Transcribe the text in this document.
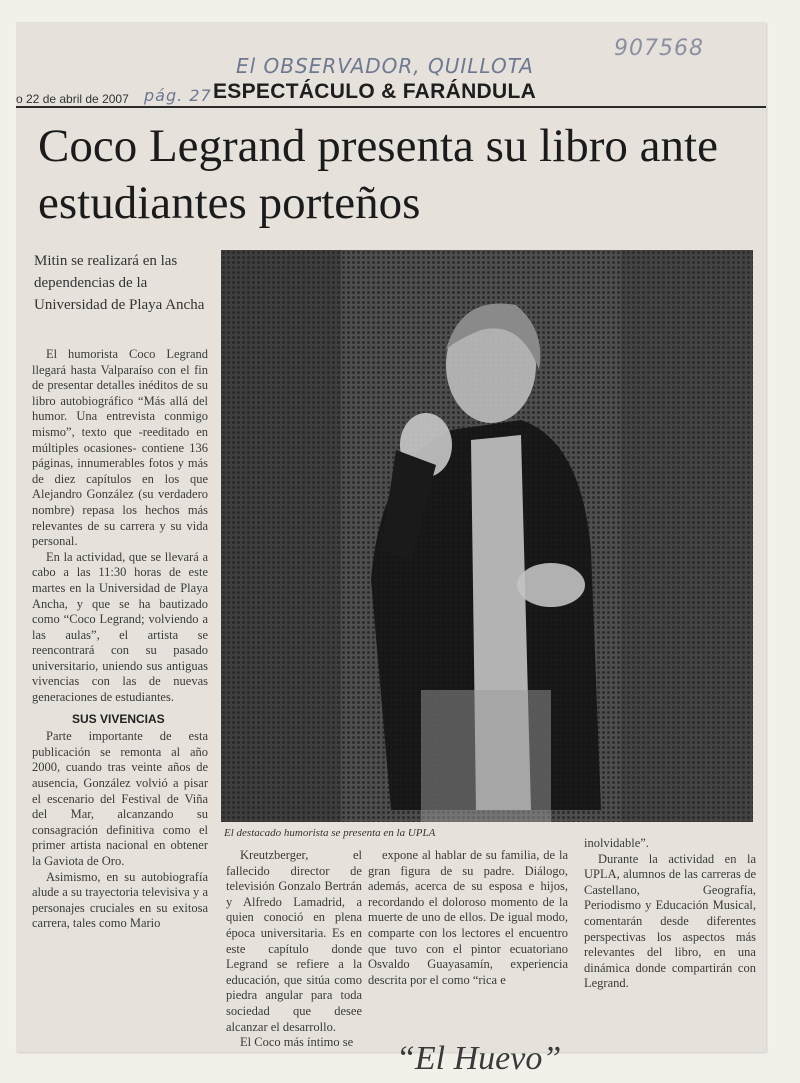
907568
El OBSERVADOR, QUILLOTA
o 22 de abril de 2007 pág. 27 ESPECTÁCULO & FARÁNDULA
Coco Legrand presenta su libro ante estudiantes porteños
Mitin se realizará en las dependencias de la Universidad de Playa Ancha
El destacado humorista se presenta en la UPLA

El humorista Coco Legrand llegará hasta Valparaíso con el fin de presentar detalles inéditos de su libro autobiográfico “Más allá del humor. Una entrevista conmigo mismo”, texto que -reeditado en múltiples ocasiones- contiene 136 páginas, innumerables fotos y más de diez capítulos en los que Alejandro González (su verdadero nombre) repasa los hechos más relevantes de su carrera y su vida personal.

En la actividad, que se llevará a cabo a las 11:30 horas de este martes en la Universidad de Playa Ancha, y que se ha bautizado como “Coco Legrand; volviendo a las aulas”, el artista se reencontrará con su pasado universitario, uniendo sus antiguas vivencias con las de nuevas generaciones de estudiantes.

SUS VIVENCIAS

Parte importante de esta publicación se remonta al año 2000, cuando tras veinte años de ausencia, González volvió a pisar el escenario del Festival de Viña del Mar, alcanzando su consagración definitiva como el primer artista nacional en obtener la Gaviota de Oro.

Asimismo, en su autobiografía alude a su trayectoria televisiva y a personajes cruciales en su exitosa carrera, tales como Mario

Kreutzberger, el fallecido director de televisión Gonzalo Bertrán y Alfredo Lamadrid, a quien conoció en plena época universitaria. Es en este capítulo donde Legrand se refiere a la educación, que sitúa como piedra angular para toda sociedad que desee alcanzar el desarrollo.

El Coco más íntimo se

expone al hablar de su familia, de la gran figura de su padre. Diálogo, además, acerca de su esposa e hijos, recordando el doloroso momento de la muerte de uno de ellos. De igual modo, comparte con los lectores el encuentro que tuvo con el pintor ecuatoriano Osvaldo Guayasamín, experiencia descrita por el como “rica e

inolvidable”.

Durante la actividad en la UPLA, alumnos de las carreras de Castellano, Geografía, Periodismo y Educación Musical, comentarán desde diferentes perspectivas los aspectos más relevantes del libro, en una dinámica donde compartirán con Legrand.

“El Huevo”
